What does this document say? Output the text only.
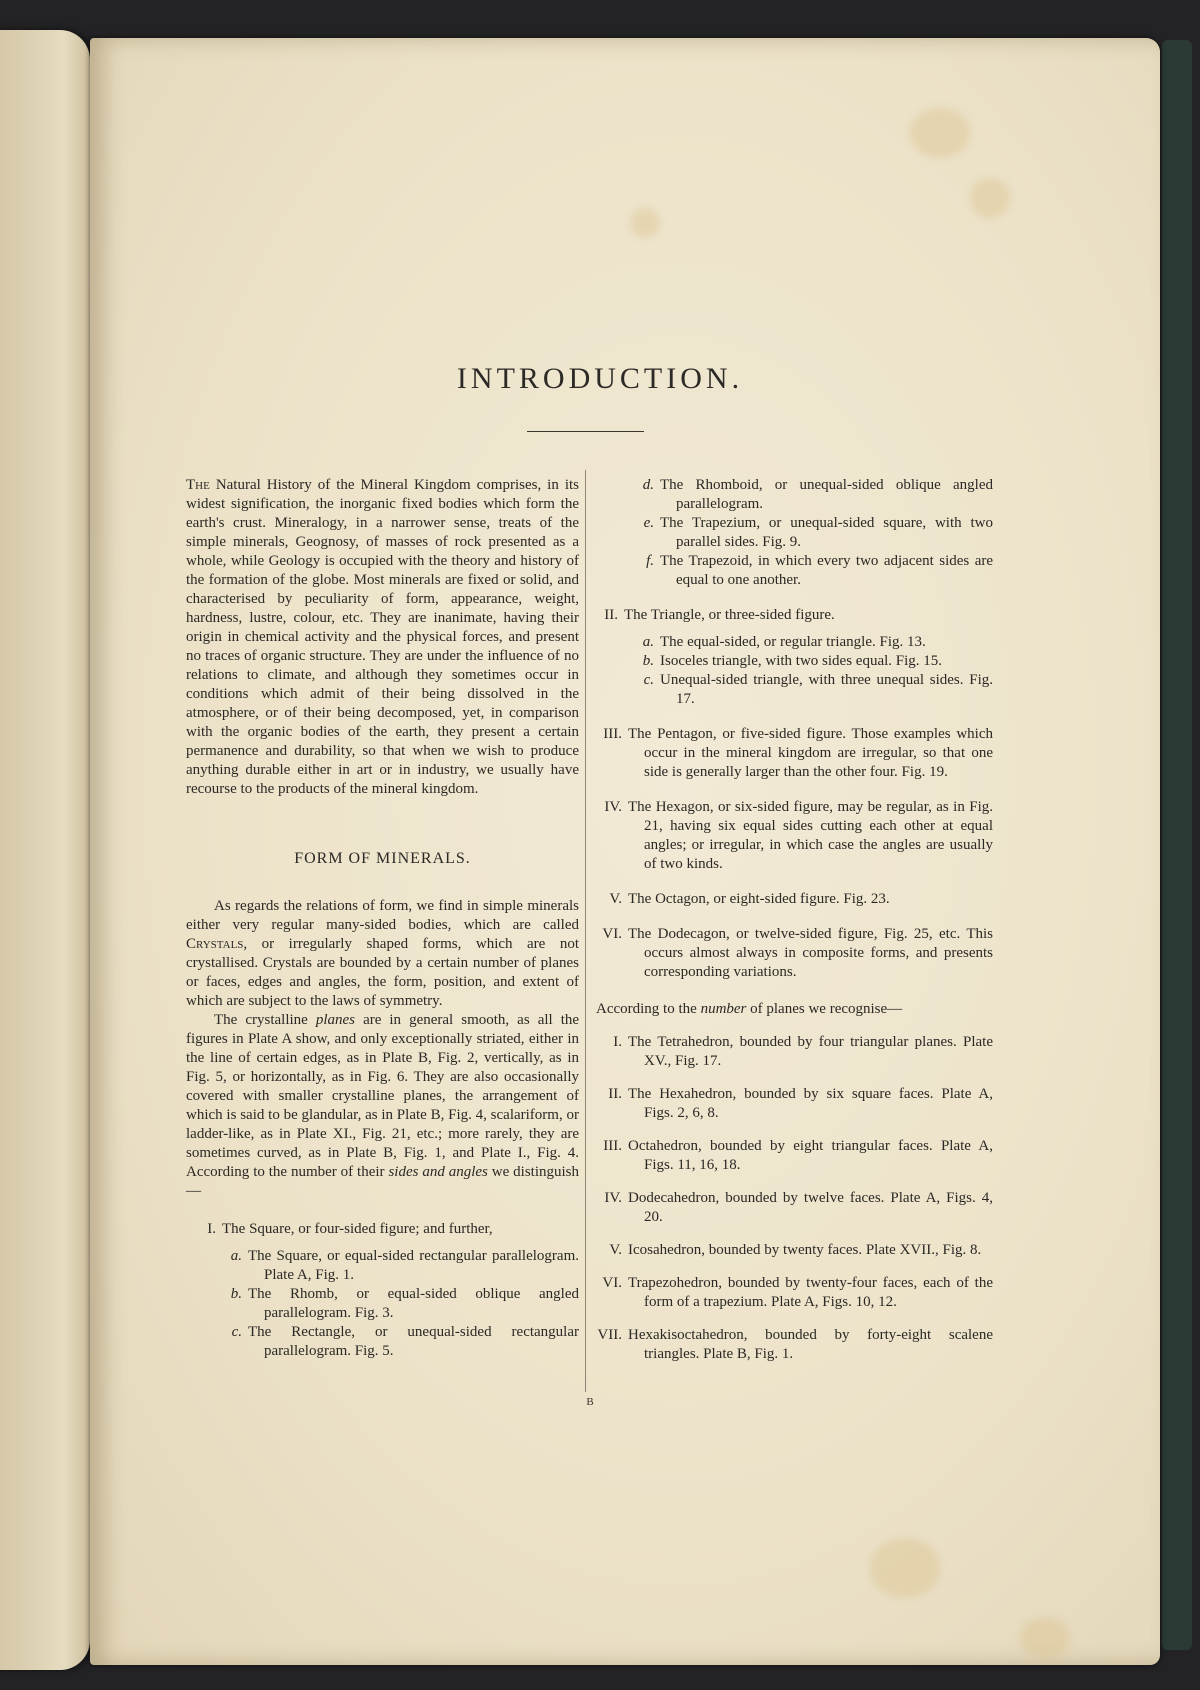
INTRODUCTION.

The Natural History of the Mineral Kingdom comprises, in its widest signification, the inorganic fixed bodies which form the earth's crust. Mineralogy, in a narrower sense, treats of the simple minerals, Geognosy, of masses of rock presented as a whole, while Geology is occupied with the theory and history of the formation of the globe. Most minerals are fixed or solid, and characterised by peculiarity of form, appearance, weight, hardness, lustre, colour, etc. They are inanimate, having their origin in chemical activity and the physical forces, and present no traces of organic structure. They are under the influence of no relations to climate, and although they sometimes occur in conditions which admit of their being dissolved in the atmosphere, or of their being decomposed, yet, in comparison with the organic bodies of the earth, they present a certain permanence and durability, so that when we wish to produce anything durable either in art or in industry, we usually have recourse to the products of the mineral kingdom.

FORM OF MINERALS.

As regards the relations of form, we find in simple minerals either very regular many-sided bodies, which are called Crystals, or irregularly shaped forms, which are not crystallised. Crystals are bounded by a certain number of planes or faces, edges and angles, the form, position, and extent of which are subject to the laws of symmetry.

The crystalline planes are in general smooth, as all the figures in Plate A show, and only exceptionally striated, either in the line of certain edges, as in Plate B, Fig. 2, vertically, as in Fig. 5, or horizontally, as in Fig. 6. They are also occasionally covered with smaller crystalline planes, the arrangement of which is said to be glandular, as in Plate B, Fig. 4, scalariform, or ladder-like, as in Plate XI., Fig. 21, etc.; more rarely, they are sometimes curved, as in Plate B, Fig. 1, and Plate I., Fig. 4. According to the number of their sides and angles we distinguish—

I. The Square, or four-sided figure; and further,
a. The Square, or equal-sided rectangular parallelogram. Plate A, Fig. 1.
b. The Rhomb, or equal-sided oblique angled parallelogram. Fig. 3.
c. The Rectangle, or unequal-sided rectangular parallelogram. Fig. 5.
d. The Rhomboid, or unequal-sided oblique angled parallelogram.
e. The Trapezium, or unequal-sided square, with two parallel sides. Fig. 9.
f. The Trapezoid, in which every two adjacent sides are equal to one another.
II. The Triangle, or three-sided figure.
a. The equal-sided, or regular triangle. Fig. 13.
b. Isoceles triangle, with two sides equal. Fig. 15.
c. Unequal-sided triangle, with three unequal sides. Fig. 17.
III. The Pentagon, or five-sided figure. Those examples which occur in the mineral kingdom are irregular, so that one side is generally larger than the other four. Fig. 19.
IV. The Hexagon, or six-sided figure, may be regular, as in Fig. 21, having six equal sides cutting each other at equal angles; or irregular, in which case the angles are usually of two kinds.
V. The Octagon, or eight-sided figure. Fig. 23.
VI. The Dodecagon, or twelve-sided figure, Fig. 25, etc. This occurs almost always in composite forms, and presents corresponding variations.

According to the number of planes we recognise—

I. The Tetrahedron, bounded by four triangular planes. Plate XV., Fig. 17.
II. The Hexahedron, bounded by six square faces. Plate A, Figs. 2, 6, 8.
III. Octahedron, bounded by eight triangular faces. Plate A, Figs. 11, 16, 18.
IV. Dodecahedron, bounded by twelve faces. Plate A, Figs. 4, 20.
V. Icosahedron, bounded by twenty faces. Plate XVII., Fig. 8.
VI. Trapezohedron, bounded by twenty-four faces, each of the form of a trapezium. Plate A, Figs. 10, 12.
VII. Hexakisoctahedron, bounded by forty-eight scalene triangles. Plate B, Fig. 1.
B
